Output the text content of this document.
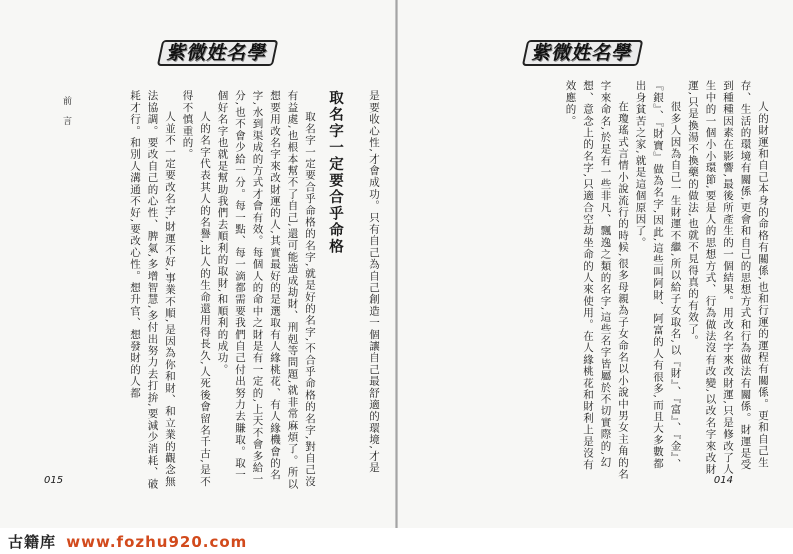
紫微姓名學

是要收心性,才會成功。只有自己為自己創造一個讓自己最舒適的環境,才是

取名字一定要合乎命格

取名字一定要合乎命格的名字,就是好的名字,不合乎命格的名字,對自己沒有益處,也根本幫不了自己,還可能造成劫財、刑剋等問題,就非常麻煩了。所以想要用改名字來改財運的人,其實最好的是選取有人緣桃花、有人緣機會的名字,水到渠成的方式才會有效。每個人的命中之財是有一定的,上天不會多給一分,也不會少給一分。每一點、每一滴都需要我們自己付出努力去賺取。取一個好名字也就是幫助我們去順利的取財,和順利的成功。

人的名字代表其人的名譽,比人的生命還用得長久,人死後會留名千古,是不得不慎重的。

人並不一定要改名字,財運不好,事業不順,是因為你和財、和立業的觀念無法協調。要改自己的心性、脾氣,多增智慧,多付出努力去打拚,要減少消耗、破耗才行。和別人溝通不好,要改心性。想升官、想發財的人都

前 言
015
紫微姓名學

人的財運和自己本身的命格有關係,也和行運的運程有關係。更和自己生存、生活的環境有關係,更會和自己的思想方式和行為做法有關係。財運是受到種種因素在影響,最後所產生的一個結果。用改名字來改財運,只是修改了人生中的一個小小環節,要是人的思想方式、行為做法沒有改變,以改名字來改財運,只是換湯不換藥的做法,也就不見得真的有效了。

很多人因為自己一生財運不繼,所以給子女取名,以『財』、『富』、『金』、『銀』、『財寶』做為名字,因此,這些叫阿財、阿富的人有很多,而且大多數都出身貧苦之家,就是這個原因了。

在瓊瑤式言情小說流行的時候,很多母親為子女命名以小說中男女主角的名字來命名,於是有一些非凡、飄逸之類的名字,這些名字皆屬於不切實際的,幻想、意念上的名字,只適合空劫坐命的人來使用。在人緣桃花和財利上是沒有效應的。

014
古籍库 www.fozhu920.com
